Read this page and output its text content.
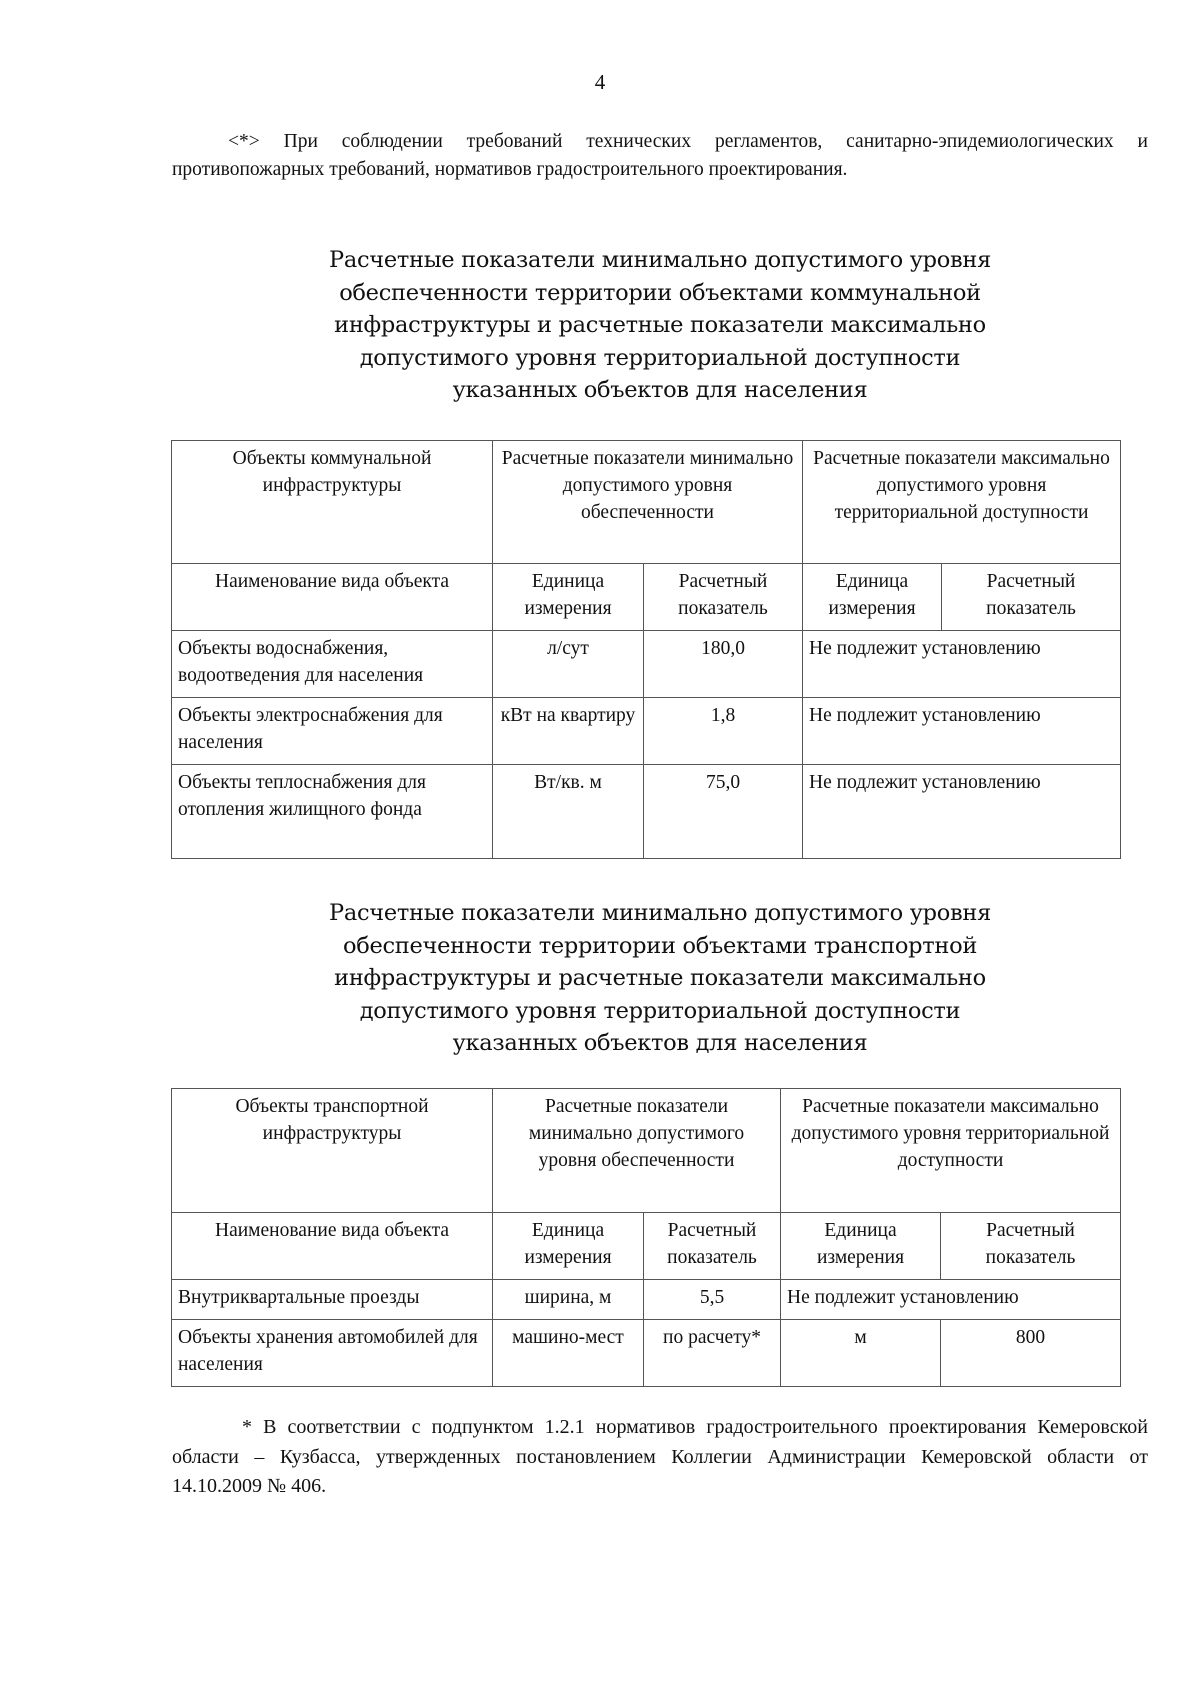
4
<*> При соблюдении требований технических регламентов, санитарно-эпидемиологических и противопожарных требований, нормативов градостроительного проектирования.
Расчетные показатели минимально допустимого уровня
обеспеченности территории объектами коммунальной
инфраструктуры и расчетные показатели максимально
допустимого уровня территориальной доступности
указанных объектов для населения
Объекты коммунальной инфраструктуры	Расчетные показатели минимально допустимого уровня обеспеченности		Расчетные показатели максимально допустимого уровня территориальной доступности	
Наименование вида объекта	Единица измерения	Расчетный показатель	Единица измерения	Расчетный показатель
Объекты водоснабжения, водоотведения для населения	л/сут	180,0	Не подлежит установлению	
Объекты электроснабжения для населения	кВт на квартиру	1,8	Не подлежит установлению	
Объекты теплоснабжения для отопления жилищного фонда	Вт/кв. м	75,0	Не подлежит установлению	
Расчетные показатели минимально допустимого уровня
обеспеченности территории объектами транспортной
инфраструктуры и расчетные показатели максимально
допустимого уровня территориальной доступности
указанных объектов для населения
Объекты транспортной инфраструктуры	Расчетные показатели минимально допустимого уровня обеспеченности		Расчетные показатели максимально допустимого уровня территориальной доступности	
Наименование вида объекта	Единица измерения	Расчетный показатель	Единица измерения	Расчетный показатель
Внутриквартальные проезды	ширина, м	5,5	Не подлежит установлению	
Объекты хранения автомобилей для населения	машино-мест	по расчету*	м	800
* В соответствии с подпунктом 1.2.1 нормативов градостроительного проектирования Кемеровской области – Кузбасса, утвержденных постановлением Коллегии Администрации Кемеровской области от 14.10.2009 № 406.
